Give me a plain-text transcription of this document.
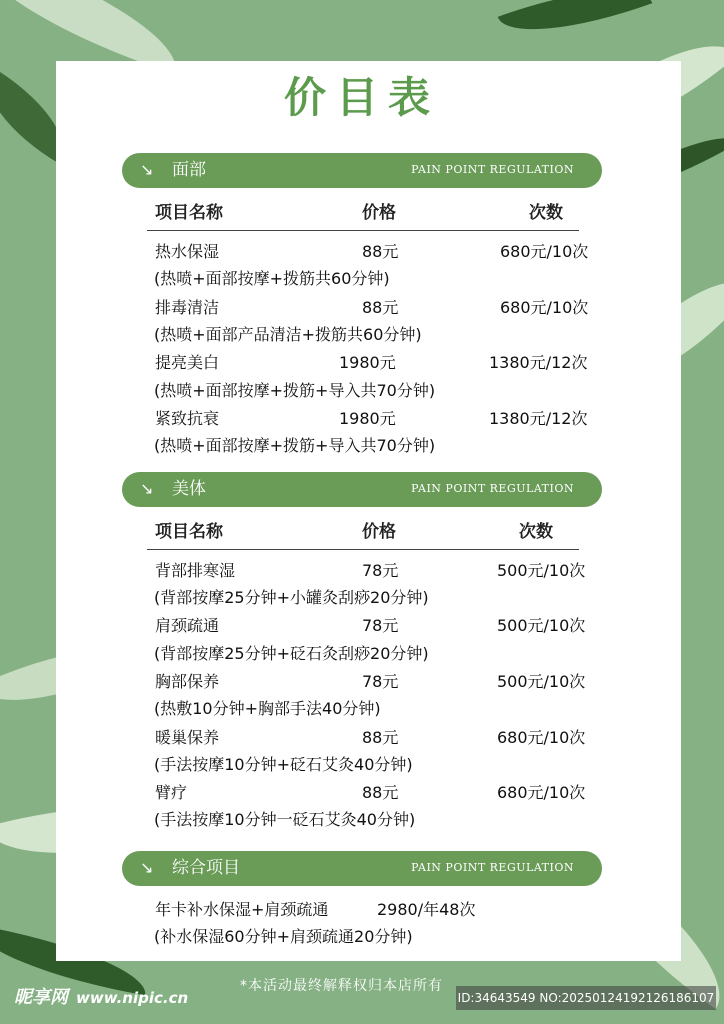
价目表
↘ 面部	PAIN POINT REGULATION
项目名称	价格	次数
热水保湿	88元	680元/10次
(热喷+面部按摩+拨筋共60分钟)
排毒清洁	88元	680元/10次
(热喷+面部产品清洁+拨筋共60分钟)
提亮美白	1980元	1380元/12次
(热喷+面部按摩+拨筋+导入共70分钟)
紧致抗衰	1980元	1380元/12次
(热喷+面部按摩+拨筋+导入共70分钟)
↘ 美体	PAIN POINT REGULATION
项目名称	价格	次数
背部排寒湿	78元	500元/10次
(背部按摩25分钟+小罐灸刮痧20分钟)
肩颈疏通	78元	500元/10次
(背部按摩25分钟+砭石灸刮痧20分钟)
胸部保养	78元	500元/10次
(热敷10分钟+胸部手法40分钟)
暖巢保养	88元	680元/10次
(手法按摩10分钟+砭石艾灸40分钟)
臂疗	88元	680元/10次
(手法按摩10分钟一砭石艾灸40分钟)
↘ 综合项目	PAIN POINT REGULATION
年卡补水保湿+肩颈疏通	2980/年48次
(补水保湿60分钟+肩颈疏通20分钟)
*本活动最终解释权归本店所有
昵享网 www.nipic.cn	ID:34643549 NO:20250124192126186107
